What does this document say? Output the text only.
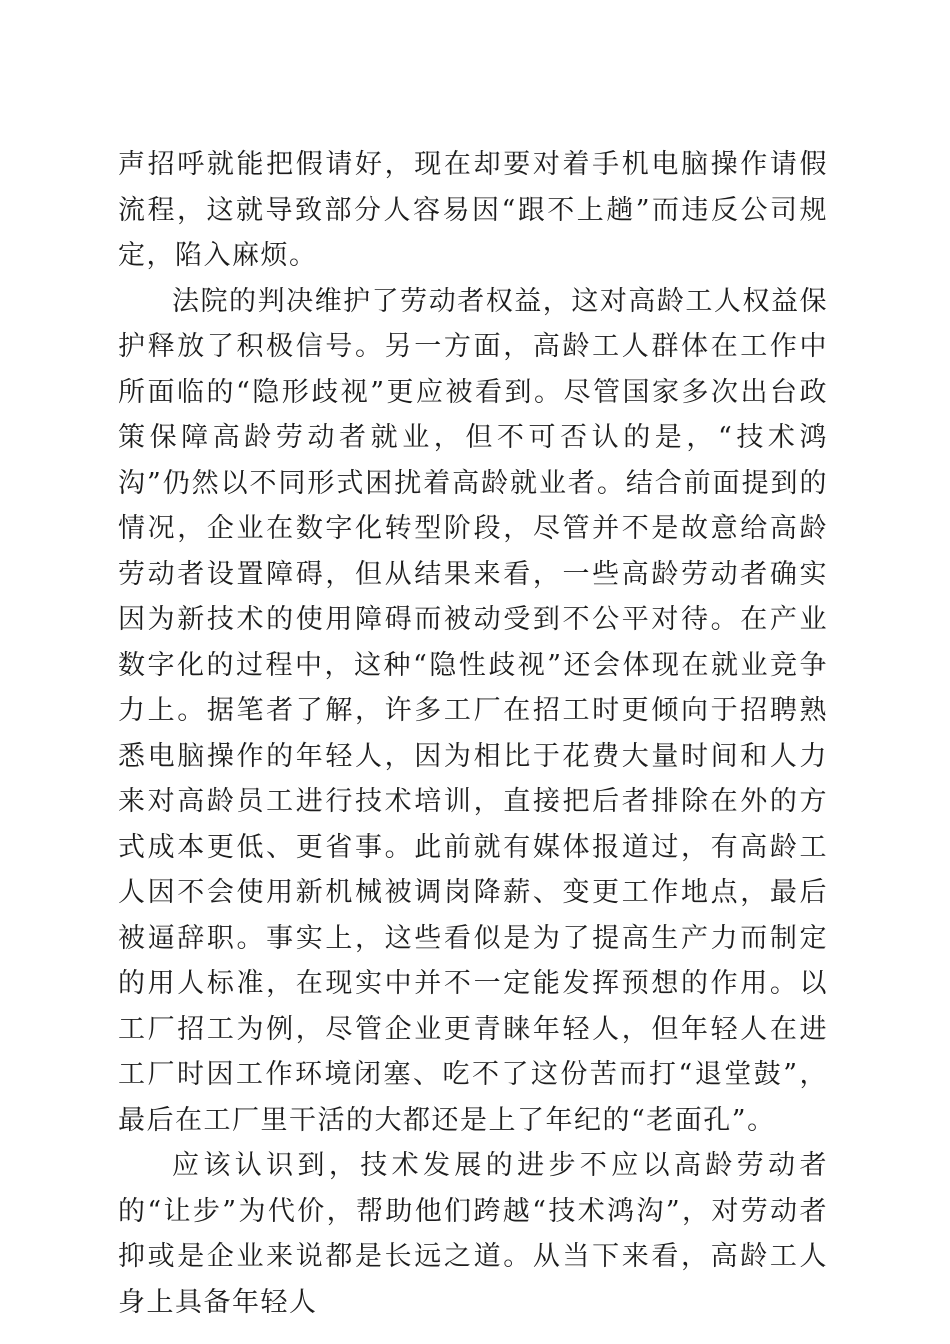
声招呼就能把假请好，现在却要对着手机电脑操作请假流程，这就导致部分人容易因“跟不上趟”而违反公司规定，陷入麻烦。

法院的判决维护了劳动者权益，这对高龄工人权益保护释放了积极信号。另一方面，高龄工人群体在工作中所面临的“隐形歧视”更应被看到。尽管国家多次出台政策保障高龄劳动者就业，但不可否认的是，“技术鸿沟”仍然以不同形式困扰着高龄就业者。结合前面提到的情况，企业在数字化转型阶段，尽管并不是故意给高龄劳动者设置障碍，但从结果来看，一些高龄劳动者确实因为新技术的使用障碍而被动受到不公平对待。在产业数字化的过程中，这种“隐性歧视”还会体现在就业竞争力上。据笔者了解，许多工厂在招工时更倾向于招聘熟悉电脑操作的年轻人，因为相比于花费大量时间和人力来对高龄员工进行技术培训，直接把后者排除在外的方式成本更低、更省事。此前就有媒体报道过，有高龄工人因不会使用新机械被调岗降薪、变更工作地点，最后被逼辞职。事实上，这些看似是为了提高生产力而制定的用人标准，在现实中并不一定能发挥预想的作用。以工厂招工为例，尽管企业更青睐年轻人，但年轻人在进工厂时因工作环境闭塞、吃不了这份苦而打“退堂鼓”，最后在工厂里干活的大都还是上了年纪的“老面孔”。

应该认识到，技术发展的进步不应以高龄劳动者的“让步”为代价，帮助他们跨越“技术鸿沟”，对劳动者抑或是企业来说都是长远之道。从当下来看，高龄工人身上具备年轻人
